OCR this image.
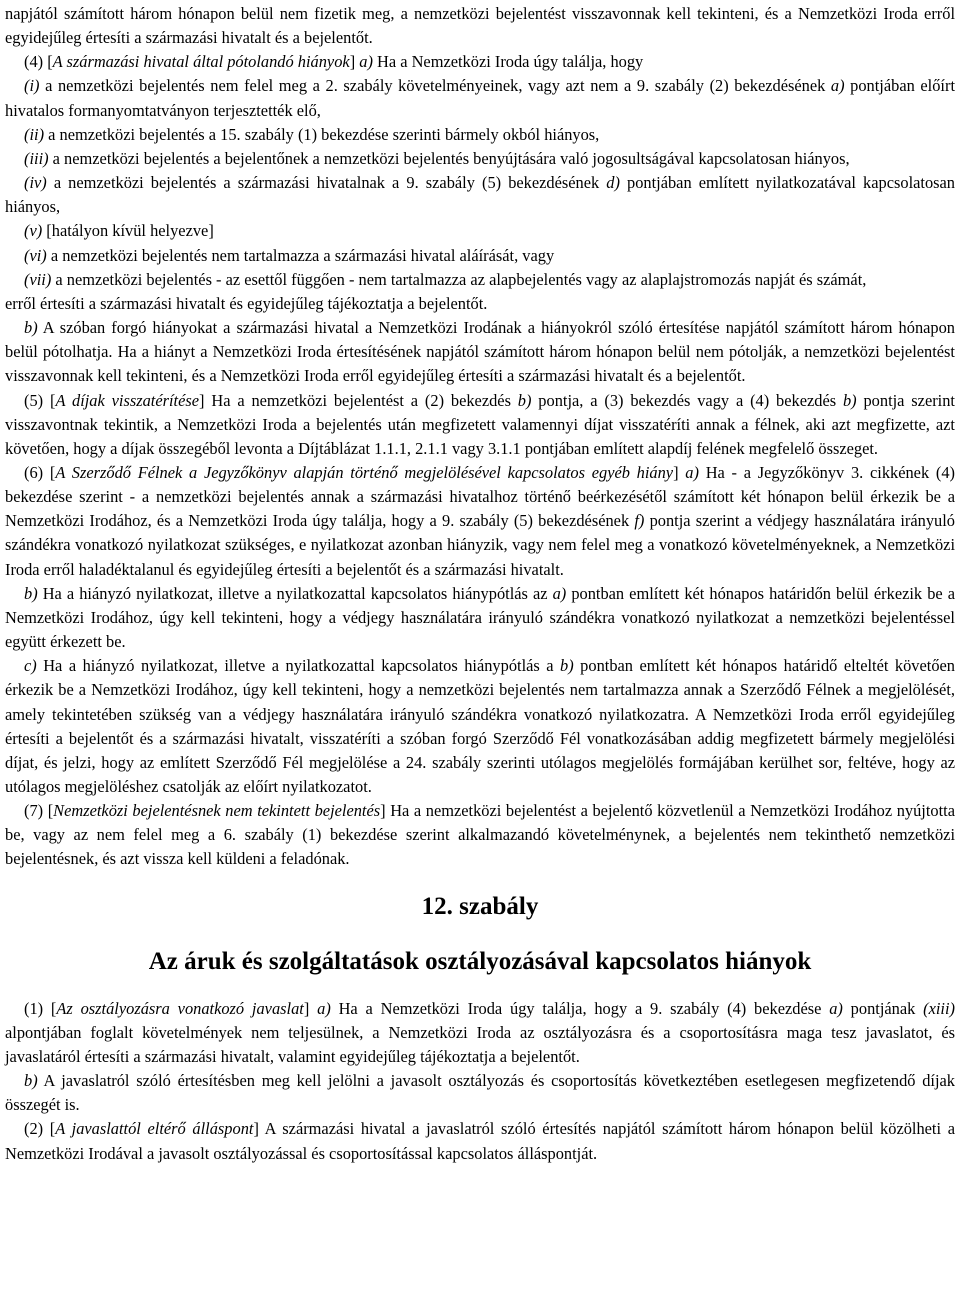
napjától számított három hónapon belül nem fizetik meg, a nemzetközi bejelentést visszavonnak kell tekinteni, és a Nemzetközi Iroda erről egyidejűleg értesíti a származási hivatalt és a bejelentőt.

(4) [A származási hivatal által pótolandó hiányok] a) Ha a Nemzetközi Iroda úgy találja, hogy

(i) a nemzetközi bejelentés nem felel meg a 2. szabály követelményeinek, vagy azt nem a 9. szabály (2) bekezdésének a) pontjában előírt hivatalos formanyomtatványon terjesztették elő,

(ii) a nemzetközi bejelentés a 15. szabály (1) bekezdése szerinti bármely okból hiányos,

(iii) a nemzetközi bejelentés a bejelentőnek a nemzetközi bejelentés benyújtására való jogosultságával kapcsolatosan hiányos,

(iv) a nemzetközi bejelentés a származási hivatalnak a 9. szabály (5) bekezdésének d) pontjában említett nyilatkozatával kapcsolatosan hiányos,

(v) [hatályon kívül helyezve]

(vi) a nemzetközi bejelentés nem tartalmazza a származási hivatal aláírását, vagy

(vii) a nemzetközi bejelentés - az esettől függően - nem tartalmazza az alapbejelentés vagy az alaplajstromozás napját és számát,

erről értesíti a származási hivatalt és egyidejűleg tájékoztatja a bejelentőt.

b) A szóban forgó hiányokat a származási hivatal a Nemzetközi Irodának a hiányokról szóló értesítése napjától számított három hónapon belül pótolhatja. Ha a hiányt a Nemzetközi Iroda értesítésének napjától számított három hónapon belül nem pótolják, a nemzetközi bejelentést visszavonnak kell tekinteni, és a Nemzetközi Iroda erről egyidejűleg értesíti a származási hivatalt és a bejelentőt.

(5) [A díjak visszatérítése] Ha a nemzetközi bejelentést a (2) bekezdés b) pontja, a (3) bekezdés vagy a (4) bekezdés b) pontja szerint visszavontnak tekintik, a Nemzetközi Iroda a bejelentés után megfizetett valamennyi díjat visszatéríti annak a félnek, aki azt megfizette, azt követően, hogy a díjak összegéből levonta a Díjtáblázat 1.1.1, 2.1.1 vagy 3.1.1 pontjában említett alapdíj felének megfelelő összeget.

(6) [A Szerződő Félnek a Jegyzőkönyv alapján történő megjelölésével kapcsolatos egyéb hiány] a) Ha - a Jegyzőkönyv 3. cikkének (4) bekezdése szerint - a nemzetközi bejelentés annak a származási hivatalhoz történő beérkezésétől számított két hónapon belül érkezik be a Nemzetközi Irodához, és a Nemzetközi Iroda úgy találja, hogy a 9. szabály (5) bekezdésének f) pontja szerint a védjegy használatára irányuló szándékra vonatkozó nyilatkozat szükséges, e nyilatkozat azonban hiányzik, vagy nem felel meg a vonatkozó követelményeknek, a Nemzetközi Iroda erről haladéktalanul és egyidejűleg értesíti a bejelentőt és a származási hivatalt.

b) Ha a hiányzó nyilatkozat, illetve a nyilatkozattal kapcsolatos hiánypótlás az a) pontban említett két hónapos határidőn belül érkezik be a Nemzetközi Irodához, úgy kell tekinteni, hogy a védjegy használatára irányuló szándékra vonatkozó nyilatkozat a nemzetközi bejelentéssel együtt érkezett be.

c) Ha a hiányzó nyilatkozat, illetve a nyilatkozattal kapcsolatos hiánypótlás a b) pontban említett két hónapos határidő elteltét követően érkezik be a Nemzetközi Irodához, úgy kell tekinteni, hogy a nemzetközi bejelentés nem tartalmazza annak a Szerződő Félnek a megjelölését, amely tekintetében szükség van a védjegy használatára irányuló szándékra vonatkozó nyilatkozatra. A Nemzetközi Iroda erről egyidejűleg értesíti a bejelentőt és a származási hivatalt, visszatéríti a szóban forgó Szerződő Fél vonatkozásában addig megfizetett bármely megjelölési díjat, és jelzi, hogy az említett Szerződő Fél megjelölése a 24. szabály szerinti utólagos megjelölés formájában kerülhet sor, feltéve, hogy az utólagos megjelöléshez csatolják az előírt nyilatkozatot.

(7) [Nemzetközi bejelentésnek nem tekintett bejelentés] Ha a nemzetközi bejelentést a bejelentő közvetlenül a Nemzetközi Irodához nyújtotta be, vagy az nem felel meg a 6. szabály (1) bekezdése szerint alkalmazandó követelménynek, a bejelentés nem tekinthető nemzetközi bejelentésnek, és azt vissza kell küldeni a feladónak.

12. szabály
Az áruk és szolgáltatások osztályozásával kapcsolatos hiányok

(1) [Az osztályozásra vonatkozó javaslat] a) Ha a Nemzetközi Iroda úgy találja, hogy a 9. szabály (4) bekezdése a) pontjának (xiii) alpontjában foglalt követelmények nem teljesülnek, a Nemzetközi Iroda az osztályozásra és a csoportosításra maga tesz javaslatot, és javaslatáról értesíti a származási hivatalt, valamint egyidejűleg tájékoztatja a bejelentőt.

b) A javaslatról szóló értesítésben meg kell jelölni a javasolt osztályozás és csoportosítás következtében esetlegesen megfizetendő díjak összegét is.

(2) [A javaslattól eltérő álláspont] A származási hivatal a javaslatról szóló értesítés napjától számított három hónapon belül közölheti a Nemzetközi Irodával a javasolt osztályozással és csoportosítással kapcsolatos álláspontját.
